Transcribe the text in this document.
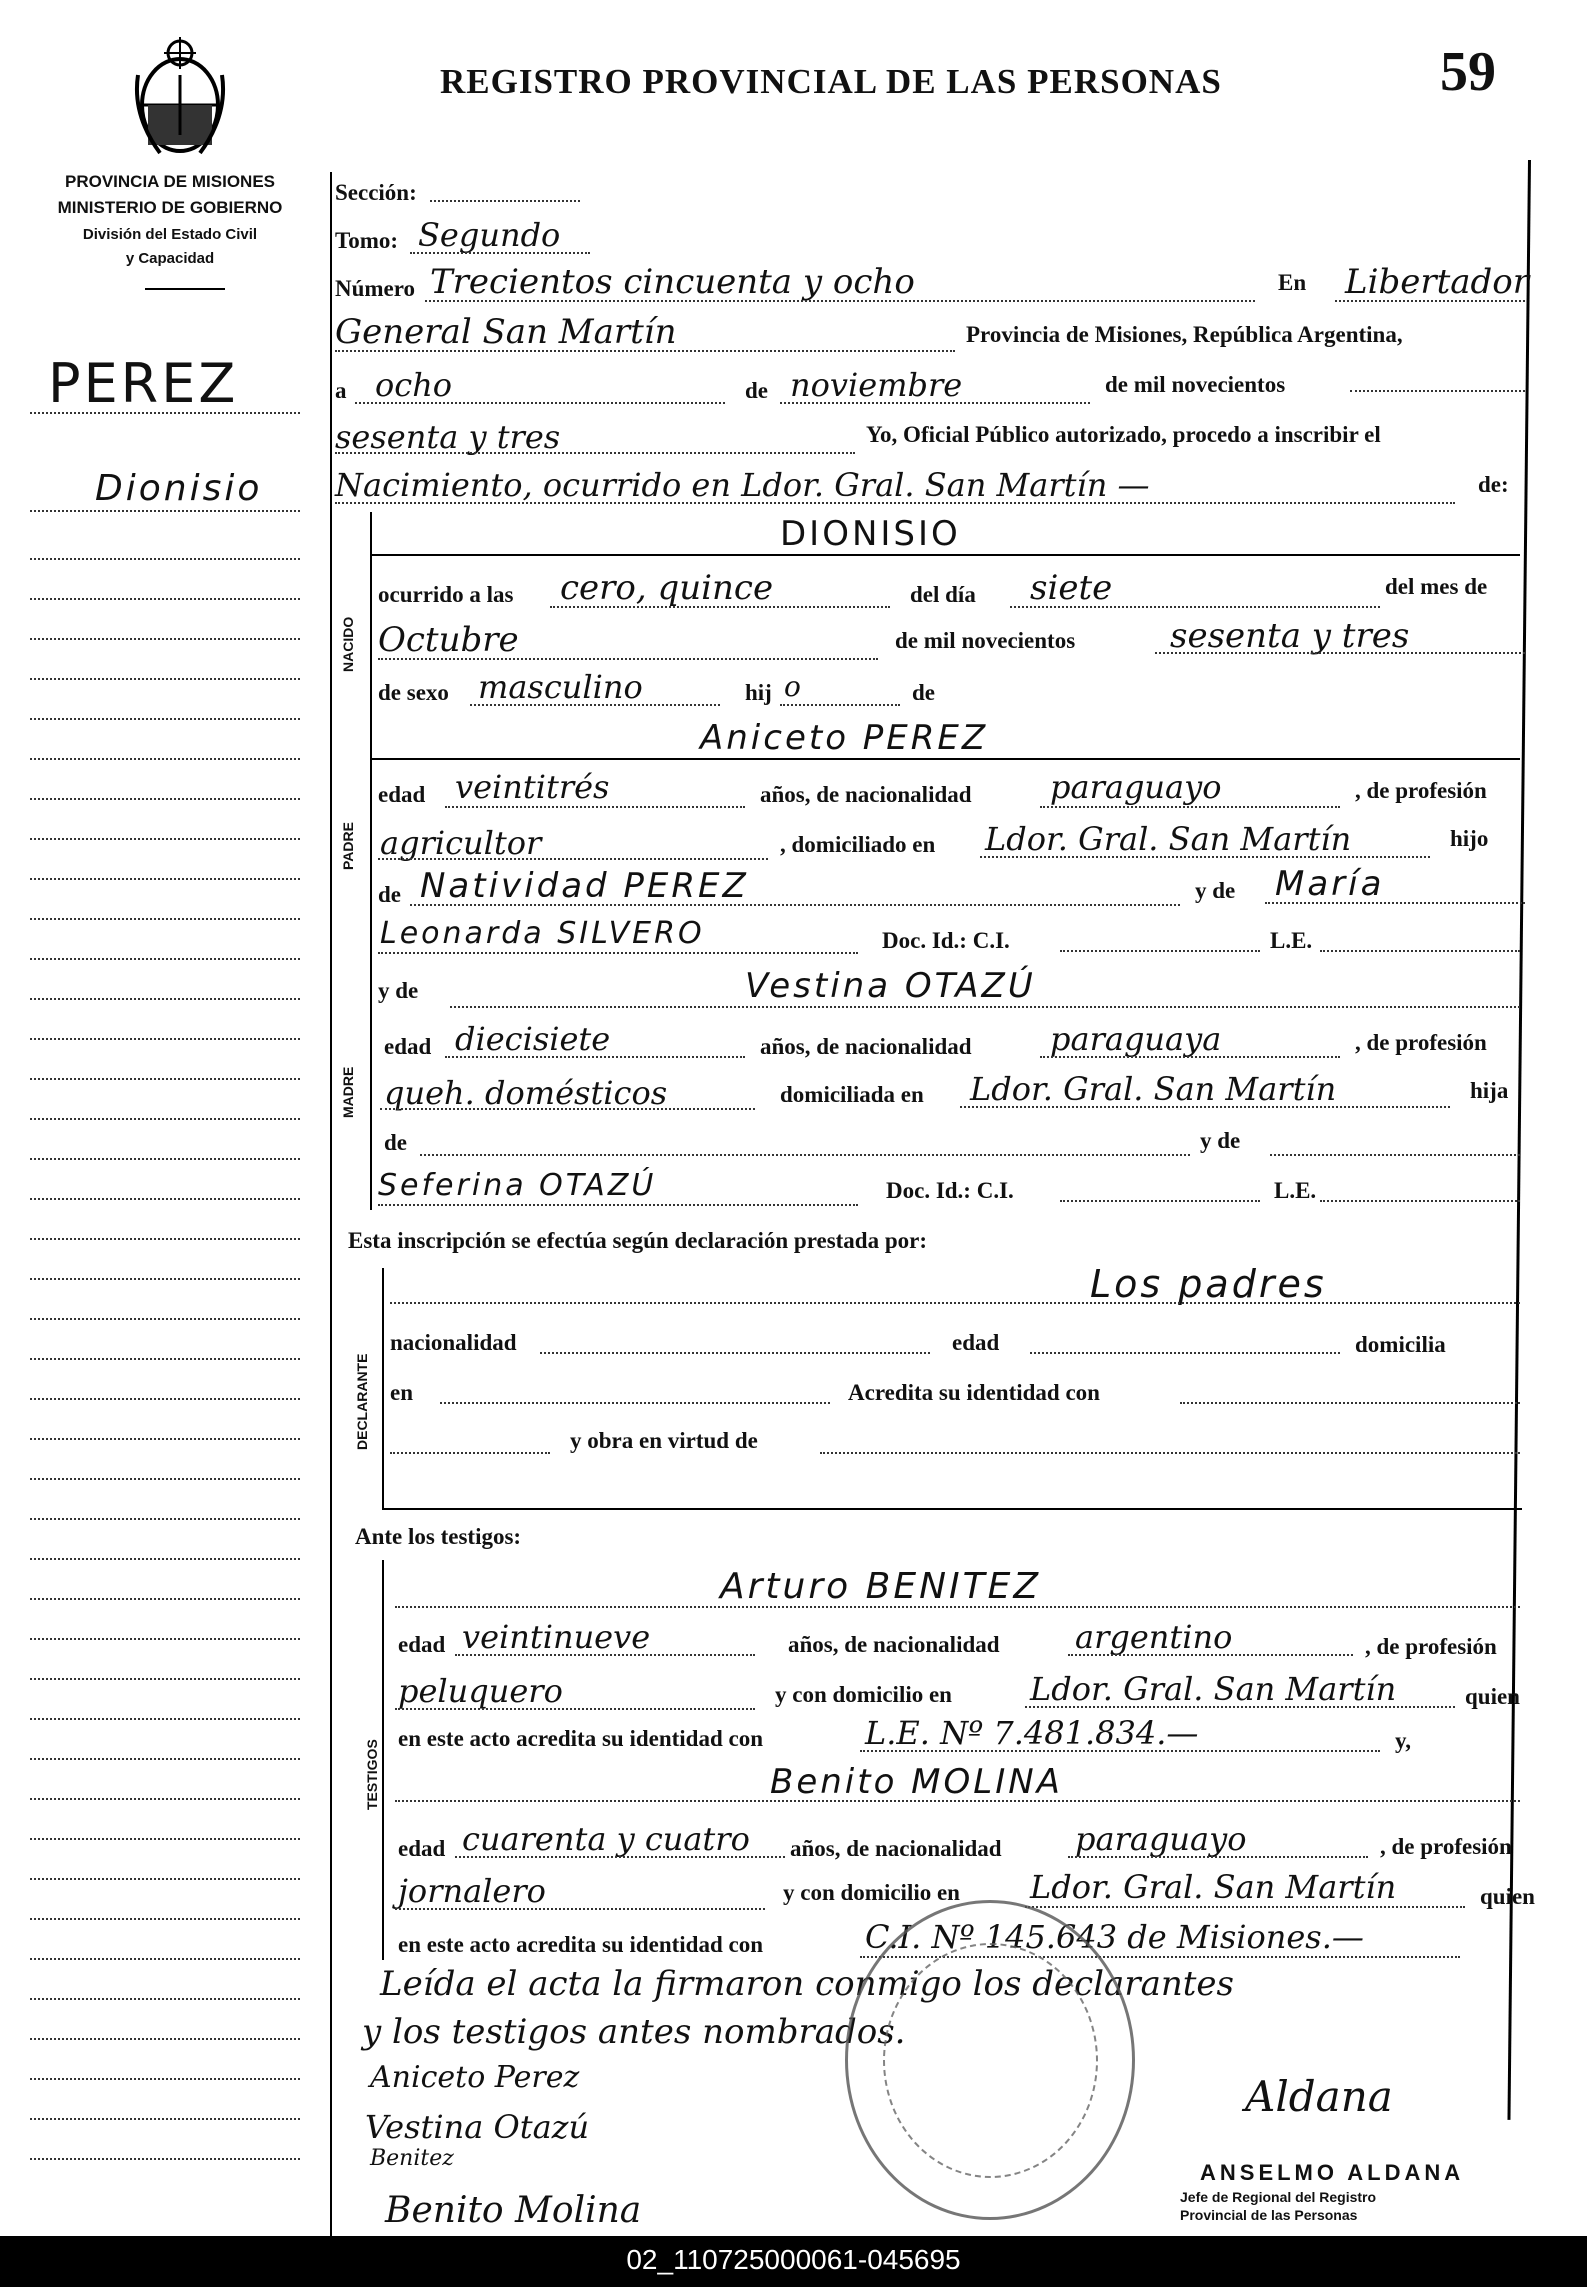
REGISTRO PROVINCIAL DE LAS PERSONAS	59
PROVINCIA DE MISIONES
MINISTERIO DE GOBIERNO
División del Estado Civil
y Capacidad
PEREZ
Dionisio
Sección:
Tomo: Segundo
Número Trecientos cincuenta y ocho	En Libertador
General San Martín	Provincia de Misiones, República Argentina,
a ocho	de noviembre	de mil novecientos
sesenta y tres	Yo, Oficial Público autorizado, procedo a inscribir el
Nacimiento, ocurrido en Ldor. Gral. San Martín —	de:
NACIDO
DIONISIO
ocurrido a las cero, quince	del día siete	del mes de
Octubre	de mil novecientos	sesenta y tres
de sexo masculino	hij o	de
PADRE
Aniceto PEREZ
edad veintitrés	años, de nacionalidad paraguayo	, de profesión
agricultor	, domiciliado en Ldor. Gral. San Martín	hijo
de Natividad PEREZ	y de María
Leonarda SILVERO	Doc. Id.: C.I.	L.E.
MADRE
y de	Vestina OTAZÚ
edad diecisiete	años, de nacionalidad paraguaya	, de profesión
queh. domésticos	domiciliada en Ldor. Gral. San Martín	hija
de	y de
Seferina OTAZÚ	Doc. Id.: C.I.	L.E.
Esta inscripción se efectúa según declaración prestada por:
DECLARANTE
Los padres
nacionalidad	edad	domicilia
en	Acredita su identidad con
y obra en virtud de
Ante los testigos:
TESTIGOS
Arturo BENITEZ
edad veintinueve	años, de nacionalidad argentino	, de profesión
peluquero	y con domicilio en Ldor. Gral. San Martín	quien
en este acto acredita su identidad con	L.E. Nº 7.481.834.—	y,
Benito MOLINA
edad cuarenta y cuatro años, de nacionalidad paraguayo	, de profesión
jornalero	y con domicilio en Ldor. Gral. San Martín	quien
en este acto acredita su identidad con	C.I. Nº 145.643 de Misiones.—
Leída el acta la firmaron conmigo los declarantes
y los testigos antes nombrados.
Aniceto Perez
Vestina Otazú
Benitez
Benito Molina
Aldana
ANSELMO ALDANA
Jefe de Regional del Registro
Provincial de las Personas
02_110725000061-045695
